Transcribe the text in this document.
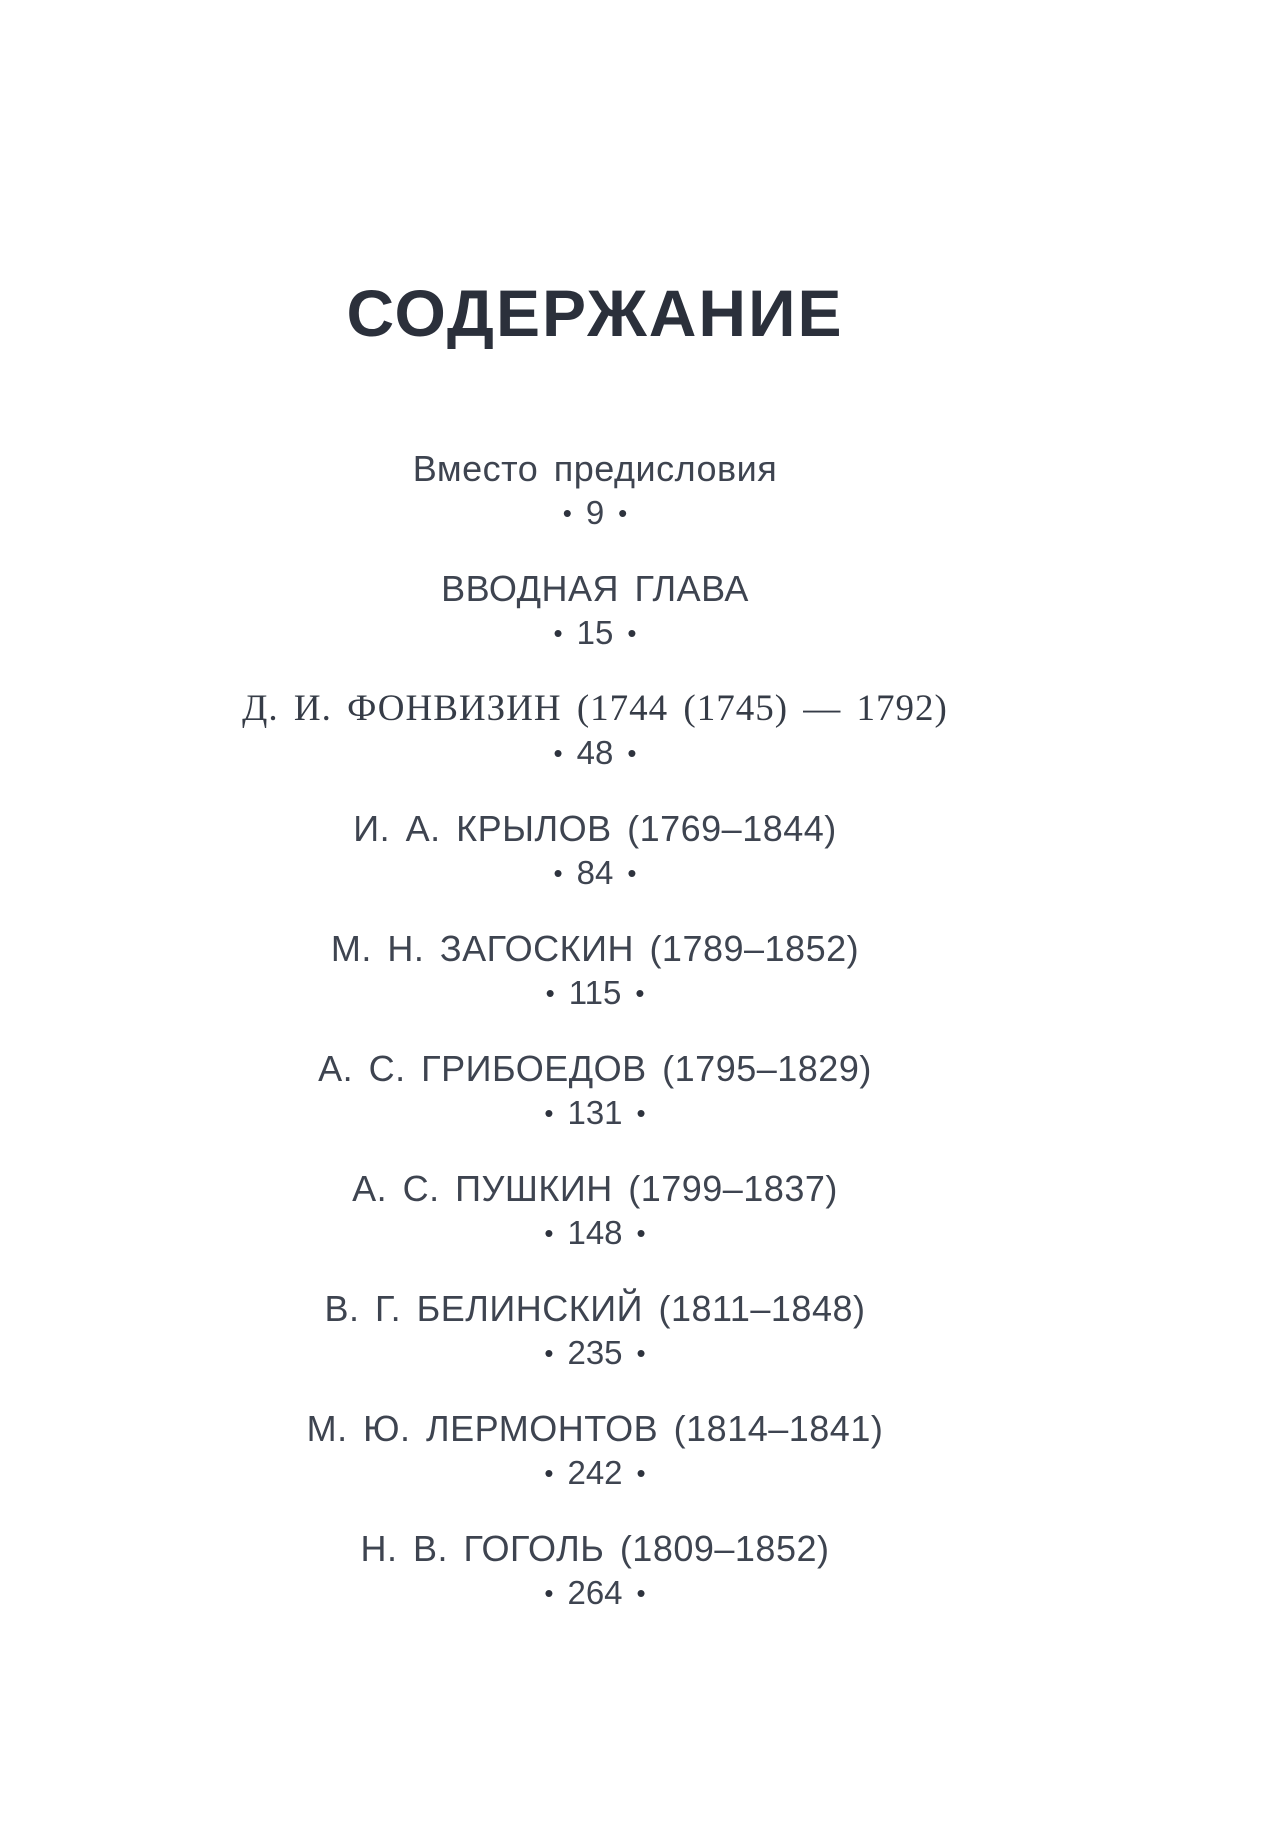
СОДЕРЖАНИЕ
Вместо предисловия
• 9 •
ВВОДНАЯ ГЛАВА
• 15 •
Д. И. ФОНВИЗИН (1744 (1745) — 1792)
• 48 •
И. А. КРЫЛОВ (1769–1844)
• 84 •
М. Н. ЗАГОСКИН (1789–1852)
• 115 •
А. С. ГРИБОЕДОВ (1795–1829)
• 131 •
А. С. ПУШКИН (1799–1837)
• 148 •
В. Г. БЕЛИНСКИЙ (1811–1848)
• 235 •
М. Ю. ЛЕРМОНТОВ (1814–1841)
• 242 •
Н. В. ГОГОЛЬ (1809–1852)
• 264 •
